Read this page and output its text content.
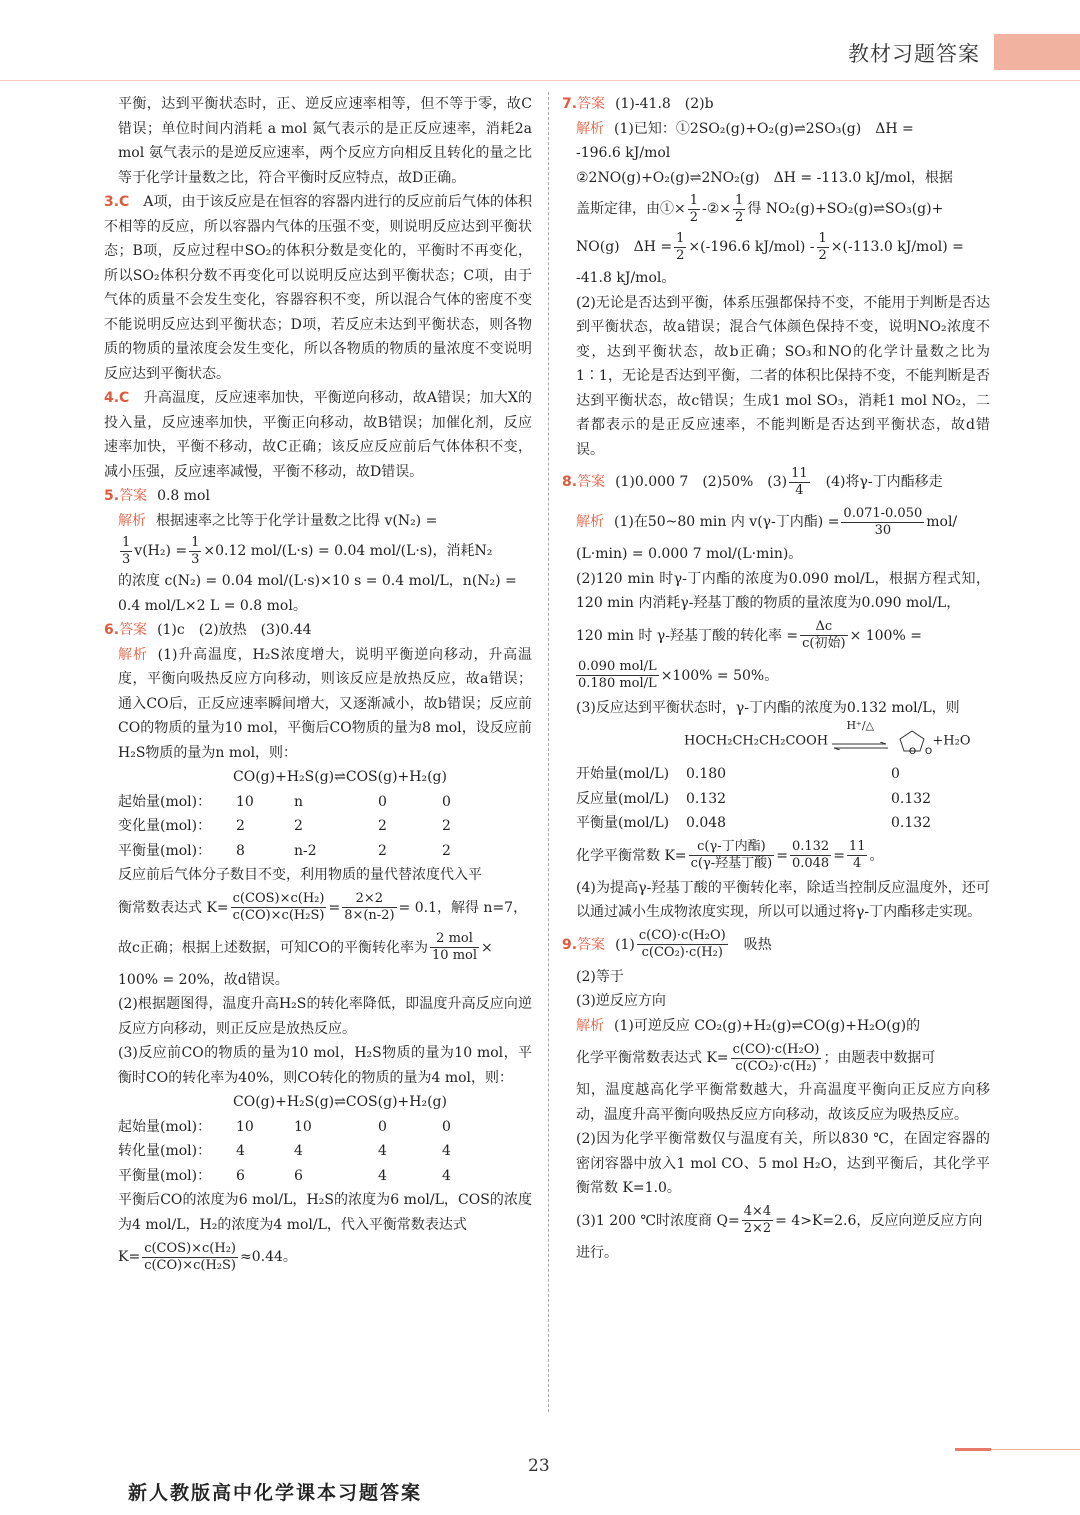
教材习题答案

平衡，达到平衡状态时，正、逆反应速率相等，但不等于零，故C错误；单位时间内消耗 a mol 氮气表示的是正反应速率，消耗2a mol 氨气表示的是逆反应速率，两个反应方向相反且转化的量之比等于化学计量数之比，符合平衡时反应特点，故D正确。

3.C　 A项，由于该反应是在恒容的容器内进行的反应前后气体的体积不相等的反应，所以容器内气体的压强不变，则说明反应达到平衡状态；B项，反应过程中SO₂的体积分数是变化的，平衡时不再变化，所以SO₂体积分数不再变化可以说明反应达到平衡状态；C项，由于气体的质量不会发生变化，容器容积不变，所以混合气体的密度不变不能说明反应达到平衡状态；D项，若反应未达到平衡状态，则各物质的物质的量浓度会发生变化，所以各物质的物质的量浓度不变说明反应达到平衡状态。

4.C　 升高温度，反应速率加快，平衡逆向移动，故A错误；加大X的投入量，反应速率加快，平衡正向移动，故B错误；加催化剂，反应速率加快，平衡不移动，故C正确；该反应反应前后气体体积不变，减小压强，反应速率减慢，平衡不移动，故D错误。

5.答案 0.8 mol

解析 根据速率之比等于化学计量数之比得 v(N₂) =

$\frac{1}{3} v(H_2) = \frac{1}{3} \times 0.12$ mol/(L·s) = 0.04 mol/(L·s)，消耗N₂

的浓度 c(N₂) = 0.04 mol/(L·s)×10 s = 0.4 mol/L，n(N₂) =

0.4 mol/L×2 L = 0.8 mol。

6.答案 (1)c　(2)放热　(3)0.44

解析 (1)升高温度，H₂S浓度增大，说明平衡逆向移动，升高温度，平衡向吸热反应方向移动，则该反应是放热反应，故a错误；通入CO后，正反应速率瞬间增大，又逐渐减小，故b错误；反应前CO的物质的量为10 mol，平衡后CO物质的量为8 mol，设反应前H₂S物质的量为n mol，则：

CO(g)+H₂S(g)⇌COS(g)+H₂(g)

起始量(mol)：	10	n	0	0
变化量(mol)：	2	2	2	2
平衡量(mol)：	8	n-2	2	2

反应前后气体分子数目不变，利用物质的量代替浓度代入平

衡常数表达式 $K= \frac{\text{c(COS)×c(H₂)}}{\text{c(CO)×c(H₂S)}} = \frac{2\times 2}{8\times(n-2)} = 0.1$，解得 n=7，

故c正确；根据上述数据，可知CO的平衡转化率为 $\frac{\text{2 mol}}{\text{10 mol}}$ ×

100% = 20%，故d错误。

(2)根据题图得，温度升高H₂S的转化率降低，即温度升高反应向逆反应方向移动，则正反应是放热反应。

(3)反应前CO的物质的量为10 mol，H₂S物质的量为10 mol，平衡时CO的转化率为40%，则CO转化的物质的量为4 mol，则：

CO(g)+H₂S(g)⇌COS(g)+H₂(g)

起始量(mol)：	10	10	0	0
转化量(mol)：	4	4	4	4
平衡量(mol)：	6	6	4	4

平衡后CO的浓度为6 mol/L，H₂S的浓度为6 mol/L，COS的浓度为4 mol/L，H₂的浓度为4 mol/L，代入平衡常数表达式

$K= \frac{\text{c(COS)×c(H₂)}}{\text{c(CO)×c(H₂S)}} \approx 0.44$。

7.答案 (1)-41.8　(2)b

解析 (1)已知：①2SO₂(g)+O₂(g)⇌2SO₃(g)　ΔH =

-196.6 kJ/mol

②2NO(g)+O₂(g)⇌2NO₂(g)　ΔH = -113.0 kJ/mol，根据

盖斯定律，由①× $\frac{1}{2}$ -②× $\frac{1}{2}$ 得 NO₂(g)+SO₂(g)⇌SO₃(g)+

NO(g)　$\Delta H = \frac{1}{2} \times(-196.6$ $kJ/mol) - \frac{1}{2} \times(-113.0$ kJ/mol) =

-41.8 kJ/mol。

(2)无论是否达到平衡，体系压强都保持不变，不能用于判断是否达到平衡状态，故a错误；混合气体颜色保持不变，说明NO₂浓度不变，达到平衡状态，故b正确；SO₃和NO的化学计量数之比为1∶1，无论是否达到平衡，二者的体积比保持不变，不能判断是否达到平衡状态，故c错误；生成1 mol SO₃，消耗1 mol NO₂，二者都表示的是正反应速率，不能判断是否达到平衡状态，故d错误。

8.答案 (1)0.000 7　(2)50%　$(3) \frac{11}{4}$
　 (4)将γ-丁内酯移走

解析 (1)在50~80 min 内 v(γ-丁内酯) = $\frac{0.071-0.050}{30} mol/$

(L·min) = 0.000 7 mol/(L·min)。

(2)120 min 时γ-丁内酯的浓度为0.090 mol/L，根据方程式知，120 min 内消耗γ-羟基丁酸的物质的量浓度为0.090 mol/L，

120 min 时 γ-羟基丁酸的转化率 = $\frac{\Delta c}{\text{c(初始)}} \times 100\%$ =

$\frac{\text{0.090 mol/L}}{\text{0.180 mol/L}} \times 100\% = 50\%$。

(3)反应达到平衡状态时，γ-丁内酯的浓度为0.132 mol/L，则

HOCH₂CH₂CH₂COOH
H⁺/△

O O
+H₂O

开始量(mol/L)	0.180	0
反应量(mol/L)	0.132	0.132
平衡量(mol/L)	0.048	0.132

化学平衡常数 $K= \frac{\text{c(γ-丁内酯)}}{\text{c(γ-羟基丁酸)}} = \frac{0.132}{0.048} = \frac{11}{4}$ 。

(4)为提高γ-羟基丁酸的平衡转化率，除适当控制反应温度外，还可以通过减小生成物浓度实现，所以可以通过将γ-丁内酯移走实现。

9.答案 $(1) \frac{\text{c(CO)·c(H₂O)}}{\text{c(CO₂)·c(H₂)}}$
　 吸热

(2)等于

(3)逆反应方向

解析 (1)可逆反应 CO₂(g)+H₂(g)⇌CO(g)+H₂O(g)的

化学平衡常数表达式 $K= \frac{\text{c(CO)·c(H₂O)}}{\text{c(CO₂)·c(H₂)}}$ ；由题表中数据可

知，温度越高化学平衡常数越大，升高温度平衡向正反应方向移动，温度升高平衡向吸热反应方向移动，故该反应为吸热反应。

(2)因为化学平衡常数仅与温度有关，所以830 ℃，在固定容器的密闭容器中放入1 mol CO、5 mol H₂O，达到平衡后，其化学平衡常数 K=1.0。

(3)1 200 ℃时浓度商 $Q= \frac{4\times 4}{2\times 2} = 4>K=2.6$，反应向逆反应方向

进行。

23
新人教版高中化学课本习题答案
